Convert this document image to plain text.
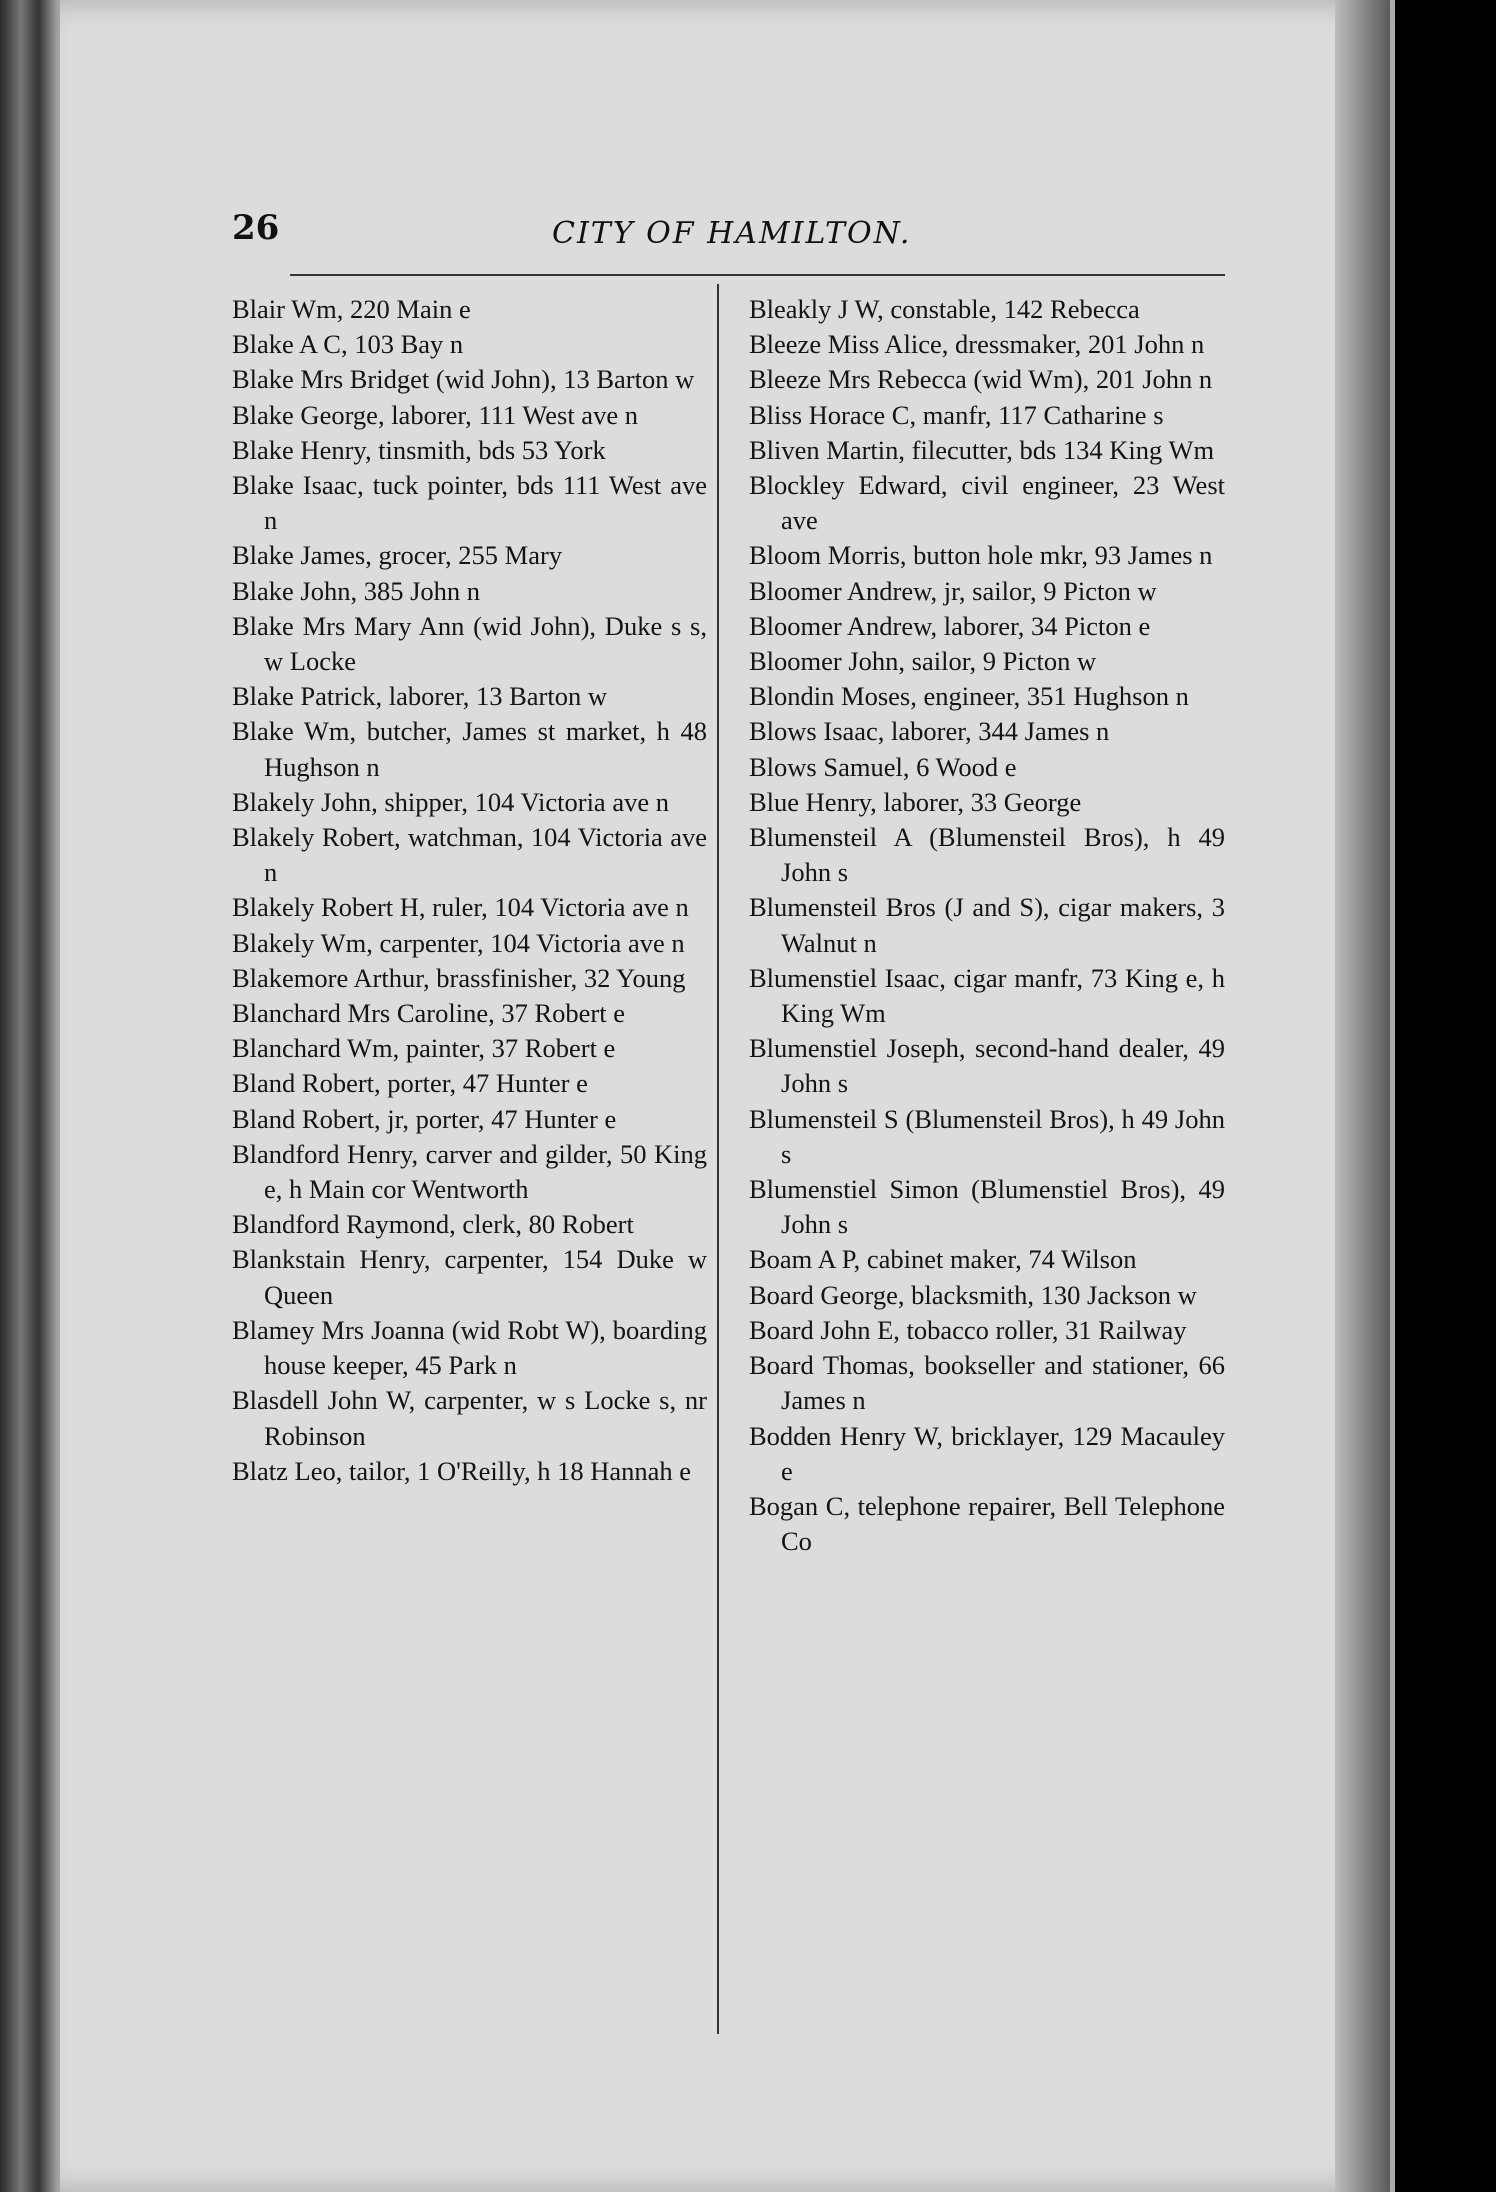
26	CITY OF HAMILTON.

Blair Wm, 220 Main e

Blake A C, 103 Bay n

Blake Mrs Bridget (wid John), 13 Barton w

Blake George, laborer, 111 West ave n

Blake Henry, tinsmith, bds 53 York

Blake Isaac, tuck pointer, bds 111 West ave n

Blake James, grocer, 255 Mary

Blake John, 385 John n

Blake Mrs Mary Ann (wid John), Duke s s, w Locke

Blake Patrick, laborer, 13 Barton w

Blake Wm, butcher, James st market, h 48 Hughson n

Blakely John, shipper, 104 Victoria ave n

Blakely Robert, watchman, 104 Victoria ave n

Blakely Robert H, ruler, 104 Victoria ave n

Blakely Wm, carpenter, 104 Victoria ave n

Blakemore Arthur, brassfinisher, 32 Young

Blanchard Mrs Caroline, 37 Robert e

Blanchard Wm, painter, 37 Robert e

Bland Robert, porter, 47 Hunter e

Bland Robert, jr, porter, 47 Hunter e

Blandford Henry, carver and gilder, 50 King e, h Main cor Wentworth

Blandford Raymond, clerk, 80 Robert

Blankstain Henry, carpenter, 154 Duke w Queen

Blamey Mrs Joanna (wid Robt W), boarding house keeper, 45 Park n

Blasdell John W, carpenter, w s Locke s, nr Robinson

Blatz Leo, tailor, 1 O'Reilly, h 18 Hannah e

Bleakly J W, constable, 142 Rebecca

Bleeze Miss Alice, dressmaker, 201 John n

Bleeze Mrs Rebecca (wid Wm), 201 John n

Bliss Horace C, manfr, 117 Catharine s

Bliven Martin, filecutter, bds 134 King Wm

Blockley Edward, civil engineer, 23 West ave

Bloom Morris, button hole mkr, 93 James n

Bloomer Andrew, jr, sailor, 9 Picton w

Bloomer Andrew, laborer, 34 Picton e

Bloomer John, sailor, 9 Picton w

Blondin Moses, engineer, 351 Hughson n

Blows Isaac, laborer, 344 James n

Blows Samuel, 6 Wood e

Blue Henry, laborer, 33 George

Blumensteil A (Blumensteil Bros), h 49 John s

Blumensteil Bros (J and S), cigar makers, 3 Walnut n

Blumenstiel Isaac, cigar manfr, 73 King e, h King Wm

Blumenstiel Joseph, second-hand dealer, 49 John s

Blumensteil S (Blumensteil Bros), h 49 John s

Blumenstiel Simon (Blumenstiel Bros), 49 John s

Boam A P, cabinet maker, 74 Wilson

Board George, blacksmith, 130 Jackson w

Board John E, tobacco roller, 31 Railway

Board Thomas, bookseller and stationer, 66 James n

Bodden Henry W, bricklayer, 129 Macauley e

Bogan C, telephone repairer, Bell Telephone Co
